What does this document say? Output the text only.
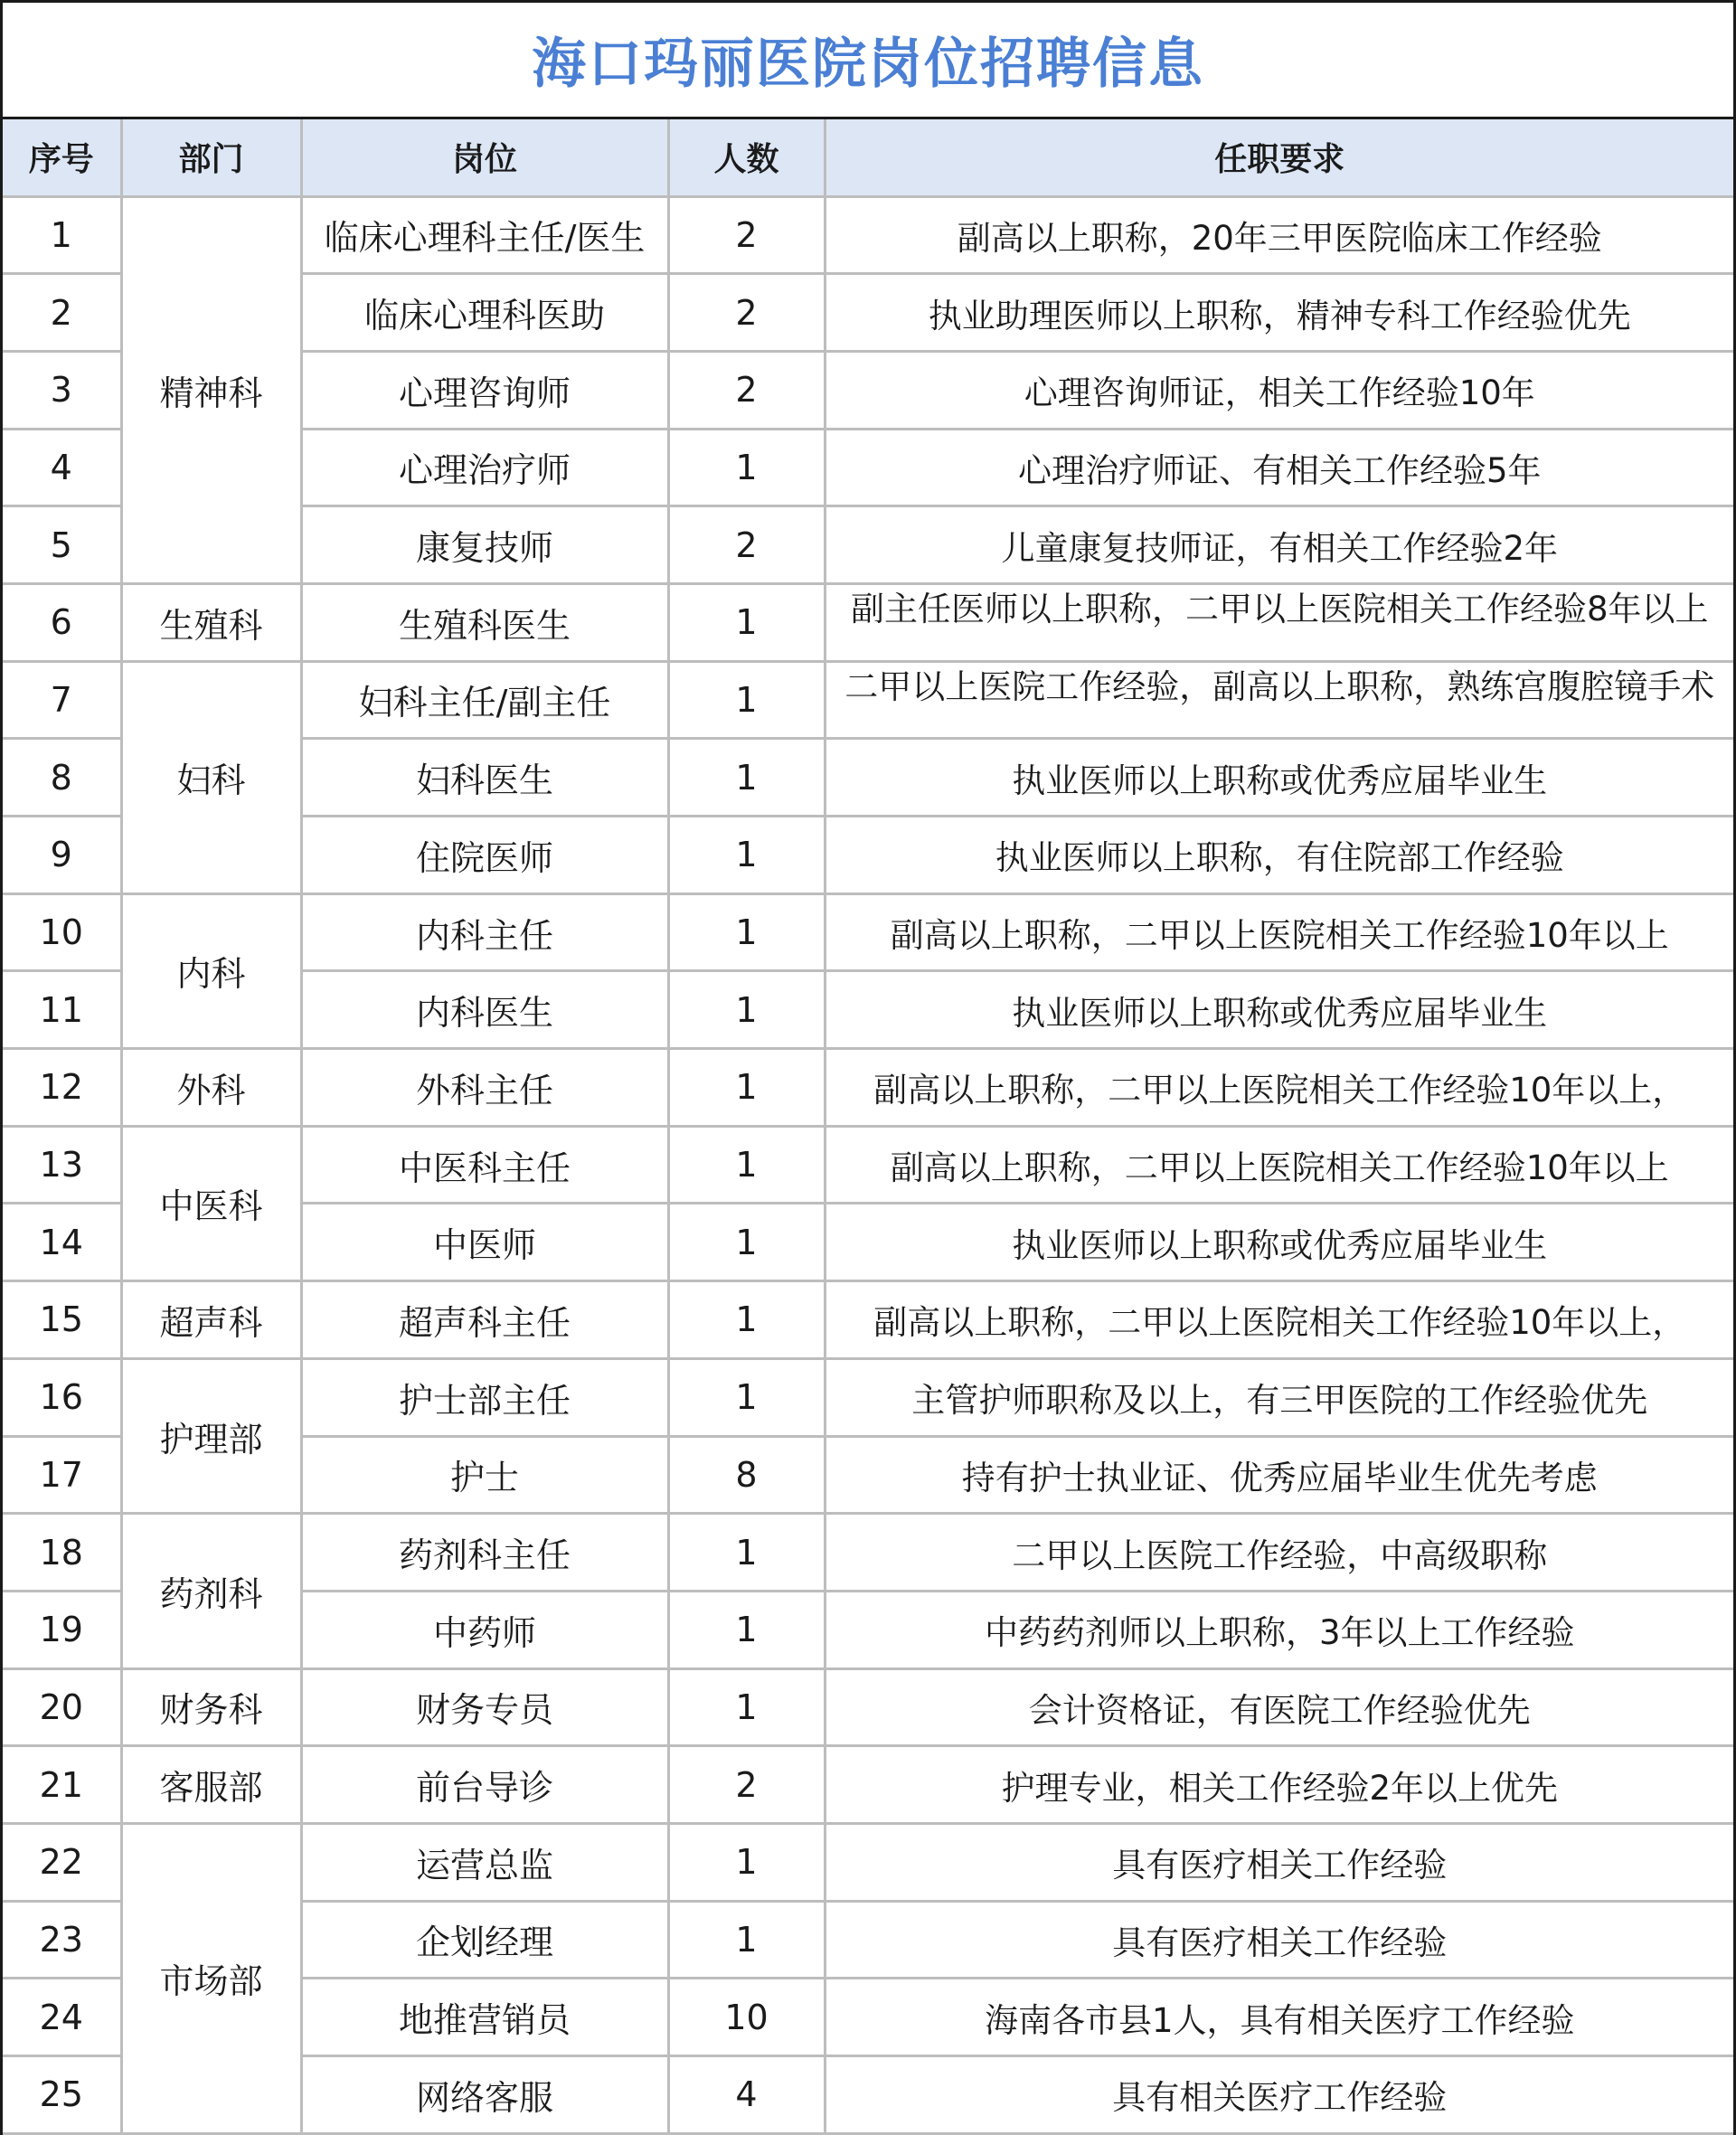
海口玛丽医院岗位招聘信息
序号	部门	岗位	人数	任职要求
1	精神科	临床心理科主任/医生	2	副高以上职称，20年三甲医院临床工作经验
2		临床心理科医助	2	执业助理医师以上职称，精神专科工作经验优先
3		心理咨询师	2	心理咨询师证，相关工作经验10年
4		心理治疗师	1	心理治疗师证、有相关工作经验5年
5		康复技师	2	儿童康复技师证，有相关工作经验2年
6	生殖科	生殖科医生	1	副主任医师以上职称，二甲以上医院相关工作经验8年以上

7	妇科	妇科主任/副主任	1	二甲以上医院工作经验，副高以上职称，熟练宫腹腔镜手术

8		妇科医生	1	执业医师以上职称或优秀应届毕业生
9		住院医师	1	执业医师以上职称，有住院部工作经验
10	内科	内科主任	1	副高以上职称，二甲以上医院相关工作经验10年以上
11		内科医生	1	执业医师以上职称或优秀应届毕业生
12	外科	外科主任	1	副高以上职称，二甲以上医院相关工作经验10年以上，
13	中医科	中医科主任	1	副高以上职称，二甲以上医院相关工作经验10年以上
14		中医师	1	执业医师以上职称或优秀应届毕业生
15	超声科	超声科主任	1	副高以上职称，二甲以上医院相关工作经验10年以上，
16	护理部	护士部主任	1	主管护师职称及以上，有三甲医院的工作经验优先
17		护士	8	持有护士执业证、优秀应届毕业生优先考虑
18	药剂科	药剂科主任	1	二甲以上医院工作经验，中高级职称
19		中药师	1	中药药剂师以上职称，3年以上工作经验
20	财务科	财务专员	1	会计资格证，有医院工作经验优先
21	客服部	前台导诊	2	护理专业，相关工作经验2年以上优先
22	市场部	运营总监	1	具有医疗相关工作经验
23		企划经理	1	具有医疗相关工作经验
24		地推营销员	10	海南各市县1人，具有相关医疗工作经验
25		网络客服	4	具有相关医疗工作经验
